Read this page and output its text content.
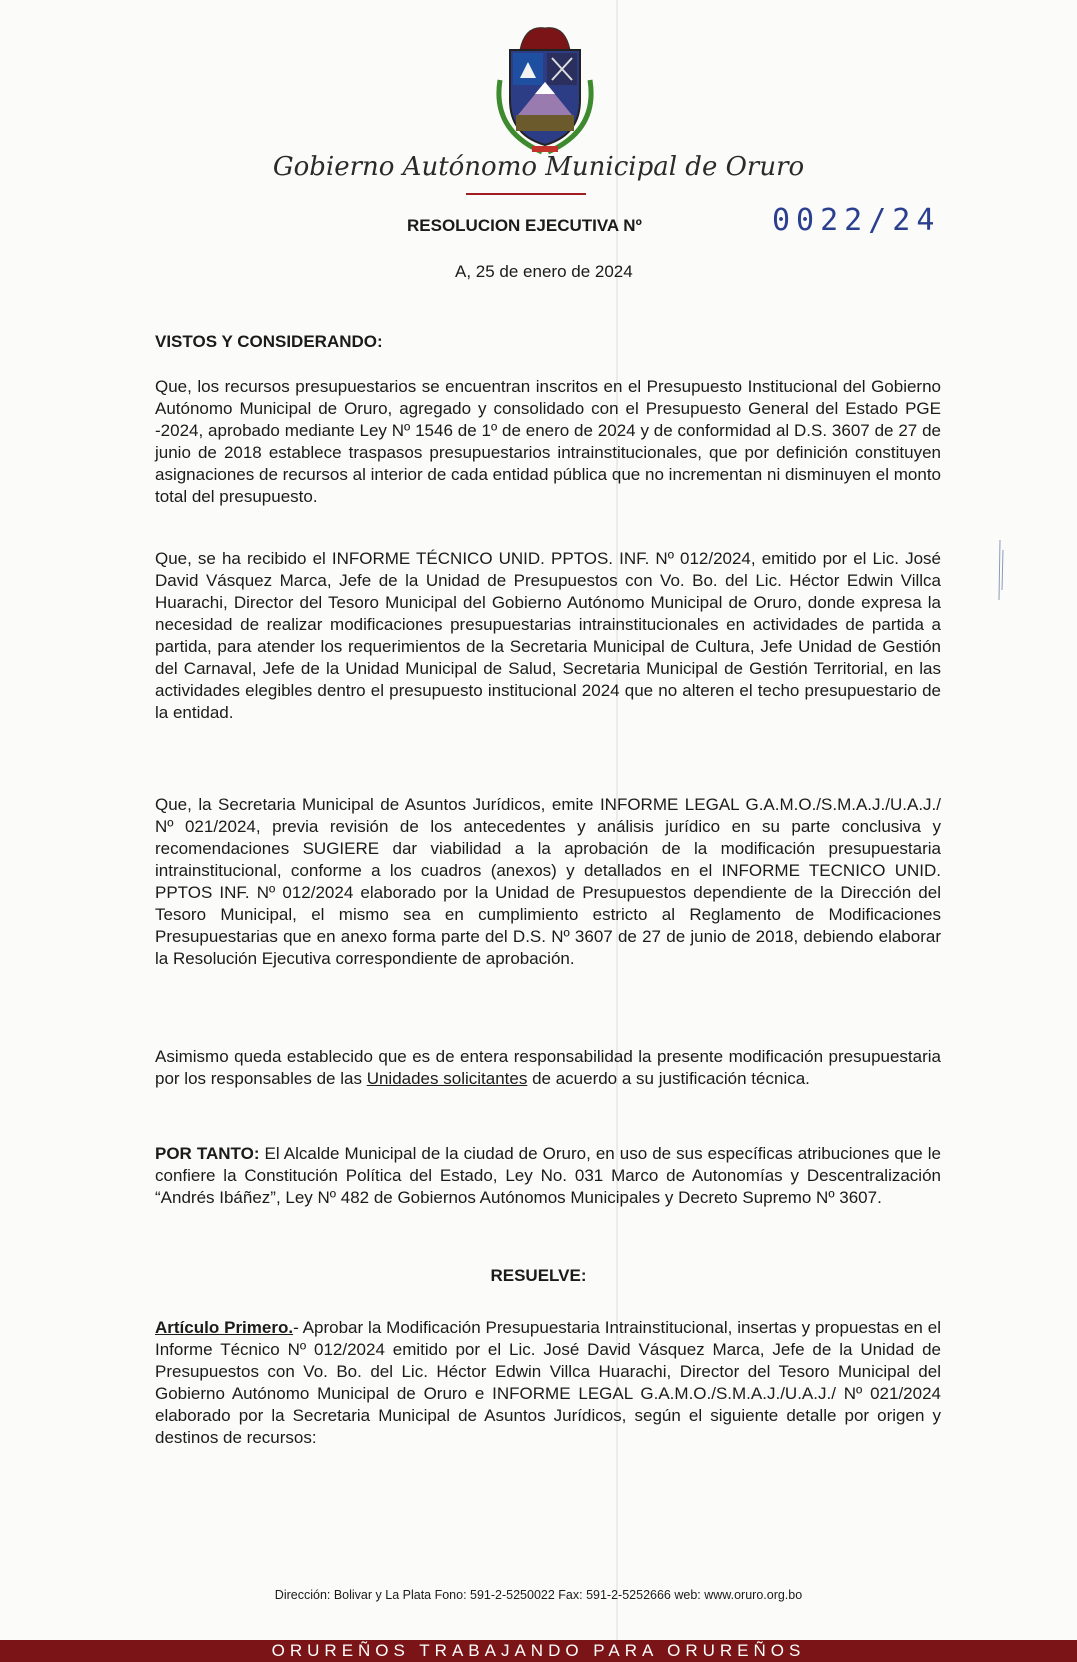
Gobierno Autónomo Municipal de Oruro
RESOLUCION EJECUTIVA Nº	0022/24
A, 25 de enero de 2024
VISTOS Y CONSIDERANDO:
Que, los recursos presupuestarios se encuentran inscritos en el Presupuesto Institucional del Gobierno Autónomo Municipal de Oruro, agregado y consolidado con el Presupuesto General del Estado PGE -2024, aprobado mediante Ley Nº 1546 de 1º de enero de 2024 y de conformidad al D.S. 3607 de 27 de junio de 2018 establece traspasos presupuestarios intrainstitucionales, que por definición constituyen asignaciones de recursos al interior de cada entidad pública que no incrementan ni disminuyen el monto total del presupuesto.
Que, se ha recibido el INFORME TÉCNICO UNID. PPTOS. INF. Nº 012/2024, emitido por el Lic. José David Vásquez Marca, Jefe de la Unidad de Presupuestos con Vo. Bo. del Lic. Héctor Edwin Villca Huarachi, Director del Tesoro Municipal del Gobierno Autónomo Municipal de Oruro, donde expresa la necesidad de realizar modificaciones presupuestarias intrainstitucionales en actividades de partida a partida, para atender los requerimientos de la Secretaria Municipal de Cultura, Jefe Unidad de Gestión del Carnaval, Jefe de la Unidad Municipal de Salud, Secretaria Municipal de Gestión Territorial, en las actividades elegibles dentro el presupuesto institucional 2024 que no alteren el techo presupuestario de la entidad.
Que, la Secretaria Municipal de Asuntos Jurídicos, emite INFORME LEGAL G.A.M.O./S.M.A.J./U.A.J./ Nº 021/2024, previa revisión de los antecedentes y análisis jurídico en su parte conclusiva y recomendaciones SUGIERE dar viabilidad a la aprobación de la modificación presupuestaria intrainstitucional, conforme a los cuadros (anexos) y detallados en el INFORME TECNICO UNID. PPTOS INF. Nº 012/2024 elaborado por la Unidad de Presupuestos dependiente de la Dirección del Tesoro Municipal, el mismo sea en cumplimiento estricto al Reglamento de Modificaciones Presupuestarias que en anexo forma parte del D.S. Nº 3607 de 27 de junio de 2018, debiendo elaborar la Resolución Ejecutiva correspondiente de aprobación.
Asimismo queda establecido que es de entera responsabilidad la presente modificación presupuestaria por los responsables de las Unidades solicitantes de acuerdo a su justificación técnica.
POR TANTO: El Alcalde Municipal de la ciudad de Oruro, en uso de sus específicas atribuciones que le confiere la Constitución Política del Estado, Ley No. 031 Marco de Autonomías y Descentralización “Andrés Ibáñez”, Ley Nº 482 de Gobiernos Autónomos Municipales y Decreto Supremo Nº 3607.
RESUELVE:
Artículo Primero.- Aprobar la Modificación Presupuestaria Intrainstitucional, insertas y propuestas en el Informe Técnico Nº 012/2024 emitido por el Lic. José David Vásquez Marca, Jefe de la Unidad de Presupuestos con Vo. Bo. del Lic. Héctor Edwin Villca Huarachi, Director del Tesoro Municipal del Gobierno Autónomo Municipal de Oruro e INFORME LEGAL G.A.M.O./S.M.A.J./U.A.J./ Nº 021/2024 elaborado por la Secretaria Municipal de Asuntos Jurídicos, según el siguiente detalle por origen y destinos de recursos:
Dirección: Bolivar y La Plata Fono: 591-2-5250022 Fax: 591-2-5252666 web: www.oruro.org.bo
ORUREÑOS TRABAJANDO PARA ORUREÑOS
